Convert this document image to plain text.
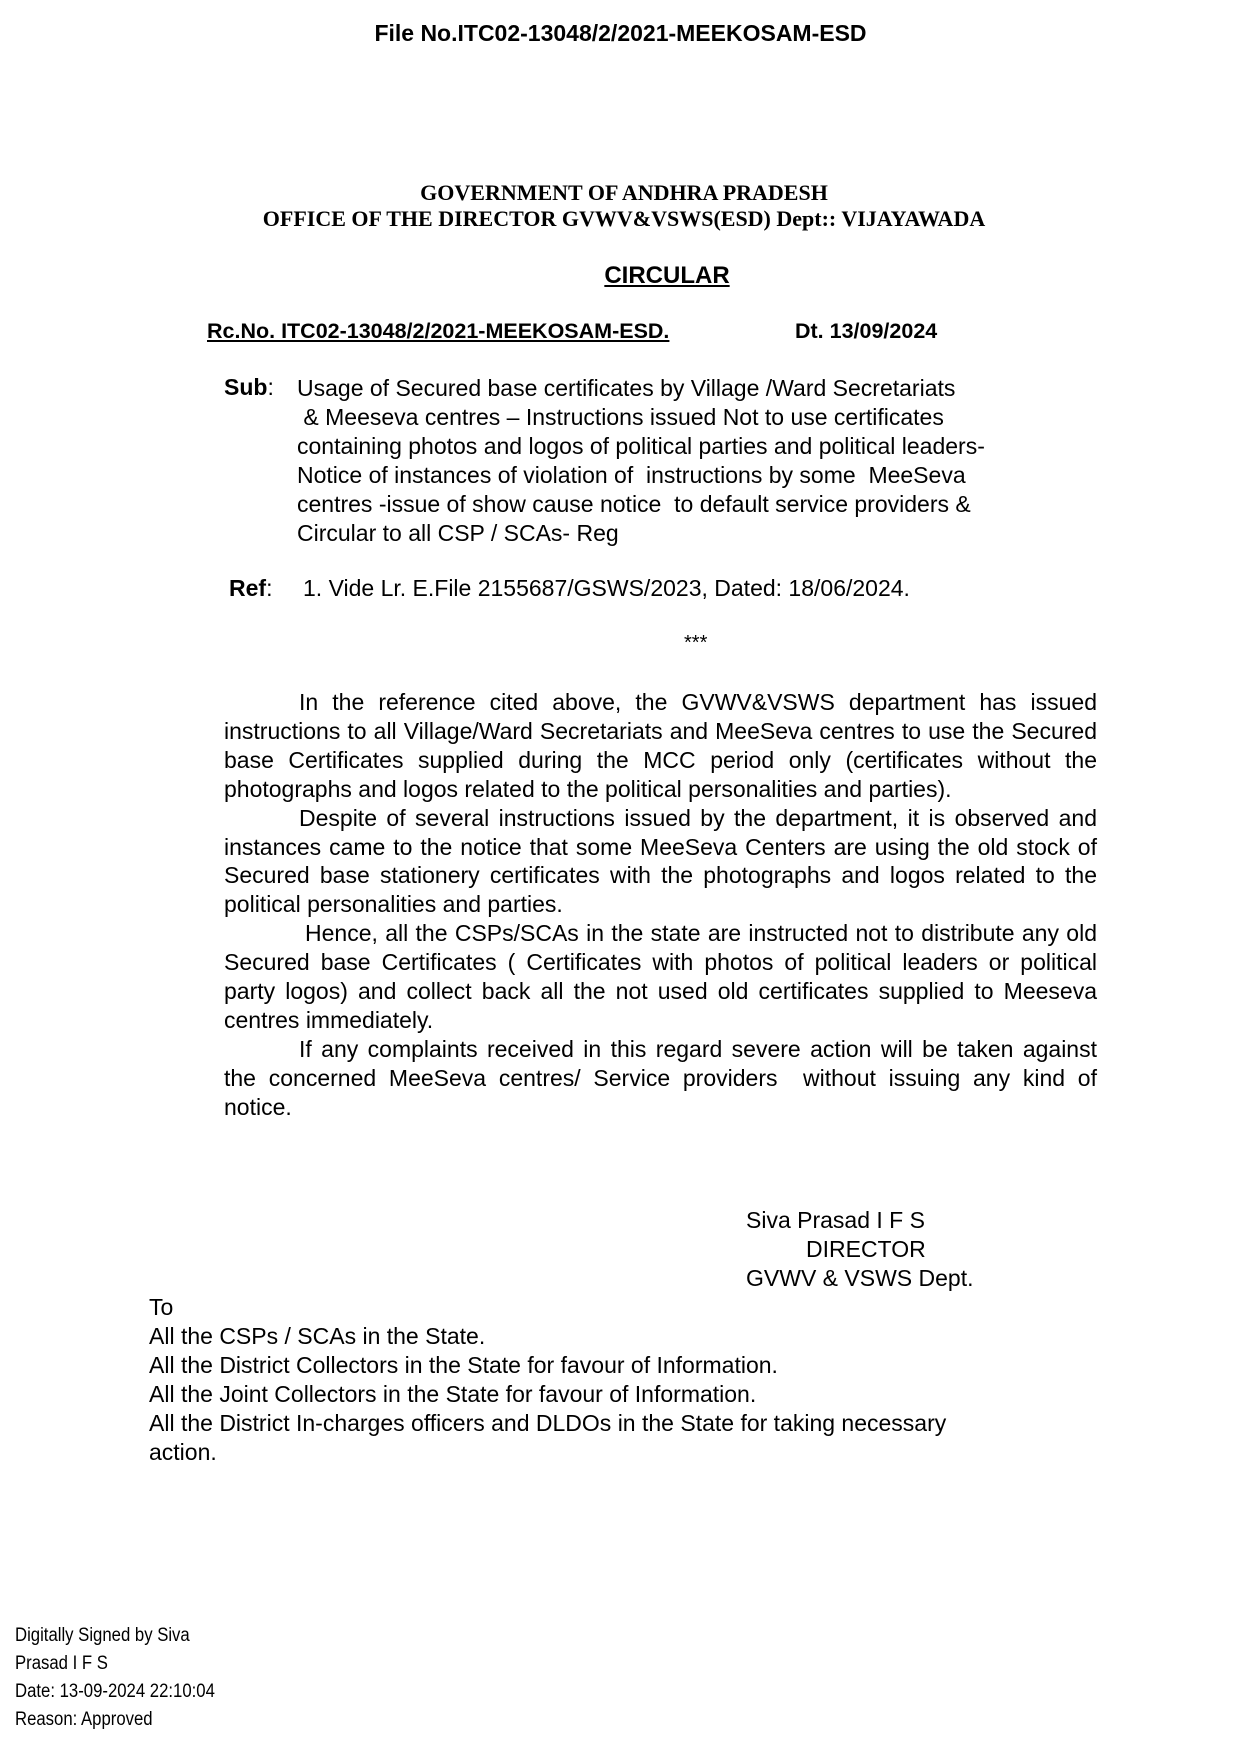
File No.ITC02-13048/2/2021-MEEKOSAM-ESD
GOVERNMENT OF ANDHRA PRADESH
OFFICE OF THE DIRECTOR GVWV&VSWS(ESD) Dept:: VIJAYAWADA
CIRCULAR
Rc.No. ITC02-13048/2/2021-MEEKOSAM-ESD.	Dt. 13/09/2024
Sub: Usage of Secured base certificates by Village /Ward Secretariats
& Meeseva centres – Instructions issued Not to use certificates
containing photos and logos of political parties and political leaders-
Notice of instances of violation of  instructions by some  MeeSeva
centres -issue of show cause notice  to default service providers &
Circular to all CSP / SCAs- Reg
Ref: 1. Vide Lr. E.File 2155687/GSWS/2023, Dated: 18/06/2024.
***

In the reference cited above, the GVWV&VSWS department has issued instructions to all Village/Ward Secretariats and MeeSeva centres to use the Secured base Certificates supplied during the MCC period only (certificates without the photographs and logos related to the political personalities and parties).

Despite of several instructions issued by the department, it is observed and instances came to the notice that some MeeSeva Centers are using the old stock of Secured base stationery certificates with the photographs and logos related to the political personalities and parties.

Hence, all the CSPs/SCAs in the state are instructed not to distribute any old Secured base Certificates ( Certificates with photos of political leaders or political party logos) and collect back all the not used old certificates supplied to Meeseva centres immediately.

If any complaints received in this regard severe action will be taken against the concerned MeeSeva centres/ Service providers  without issuing any kind of notice.

Siva Prasad I F S
DIRECTOR
GVWV & VSWS Dept.
To
All the CSPs / SCAs in the State.
All the District Collectors in the State for favour of Information.
All the Joint Collectors in the State for favour of Information.
All the District In-charges officers and DLDOs in the State for taking necessary
action.
Digitally Signed by Siva
Prasad I F S
Date: 13-09-2024 22:10:04
Reason: Approved
